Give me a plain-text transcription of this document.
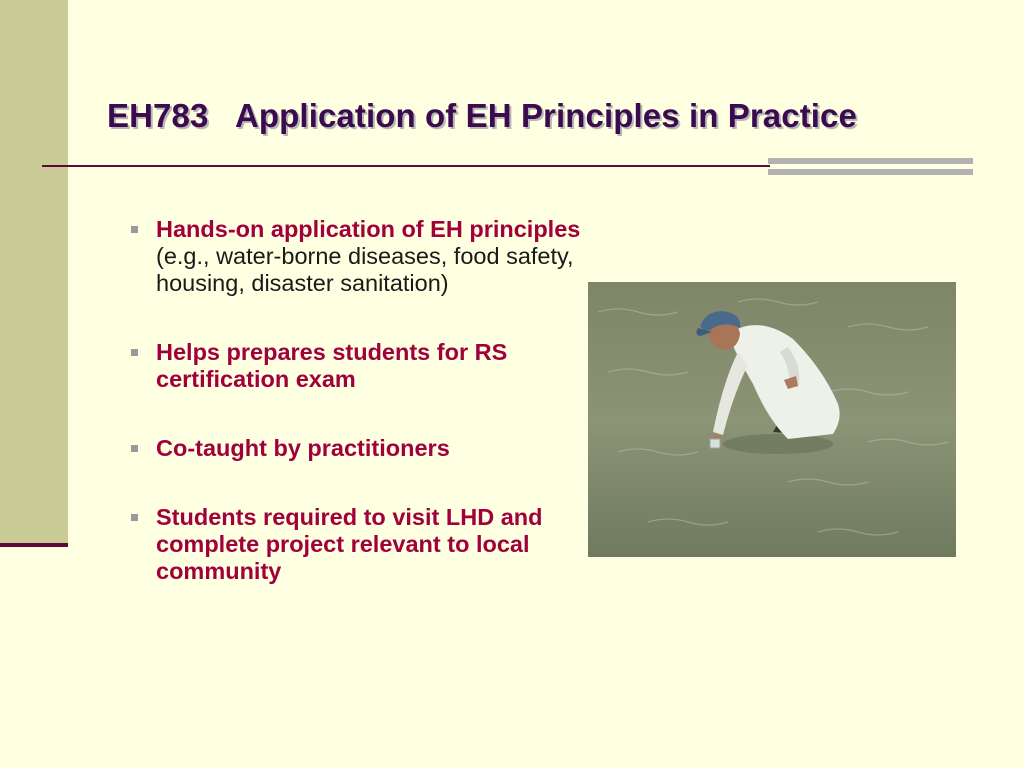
EH783   Application of EH Principles in Practice
Hands-on application of EH principles (e.g., water-borne diseases, food safety, housing, disaster sanitation)
Helps prepares students for RS certification exam
Co-taught by practitioners
Students required to visit LHD and complete project relevant to local community
